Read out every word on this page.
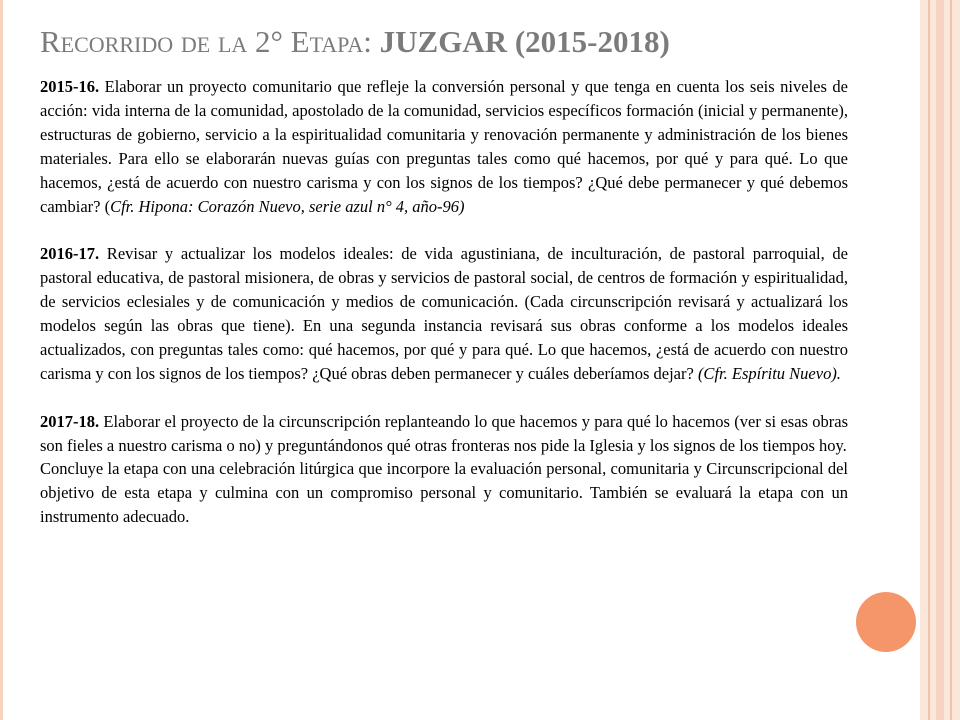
Recorrido de la 2° Etapa: JUZGAR (2015-2018)

2015-16. Elaborar un proyecto comunitario que refleje la conversión personal y que tenga en cuenta los seis niveles de acción: vida interna de la comunidad, apostolado de la comunidad, servicios específicos formación (inicial y permanente), estructuras de gobierno, servicio a la espiritualidad comunitaria y renovación permanente y administración de los bienes materiales. Para ello se elaborarán nuevas guías con preguntas tales como qué hacemos, por qué y para qué. Lo que hacemos, ¿está de acuerdo con nuestro carisma y con los signos de los tiempos? ¿Qué debe permanecer y qué debemos cambiar? (Cfr. Hipona: Corazón Nuevo, serie azul n° 4, año-96)

2016-17. Revisar y actualizar los modelos ideales: de vida agustiniana, de inculturación, de pastoral parroquial, de pastoral educativa, de pastoral misionera, de obras y servicios de pastoral social, de centros de formación y espiritualidad, de servicios eclesiales y de comunicación y medios de comunicación. (Cada circunscripción revisará y actualizará los modelos según las obras que tiene). En una segunda instancia revisará sus obras conforme a los modelos ideales actualizados, con preguntas tales como: qué hacemos, por qué y para qué. Lo que hacemos, ¿está de acuerdo con nuestro carisma y con los signos de los tiempos? ¿Qué obras deben permanecer y cuáles deberíamos dejar? (Cfr. Espíritu Nuevo).

2017-18. Elaborar el proyecto de la circunscripción replanteando lo que hacemos y para qué lo hacemos (ver si esas obras son fieles a nuestro carisma o no) y preguntándonos qué otras fronteras nos pide la Iglesia y los signos de los tiempos hoy.

Concluye la etapa con una celebración litúrgica que incorpore la evaluación personal, comunitaria y Circunscripcional del objetivo de esta etapa y culmina con un compromiso personal y comunitario. También se evaluará la etapa con un instrumento adecuado.
